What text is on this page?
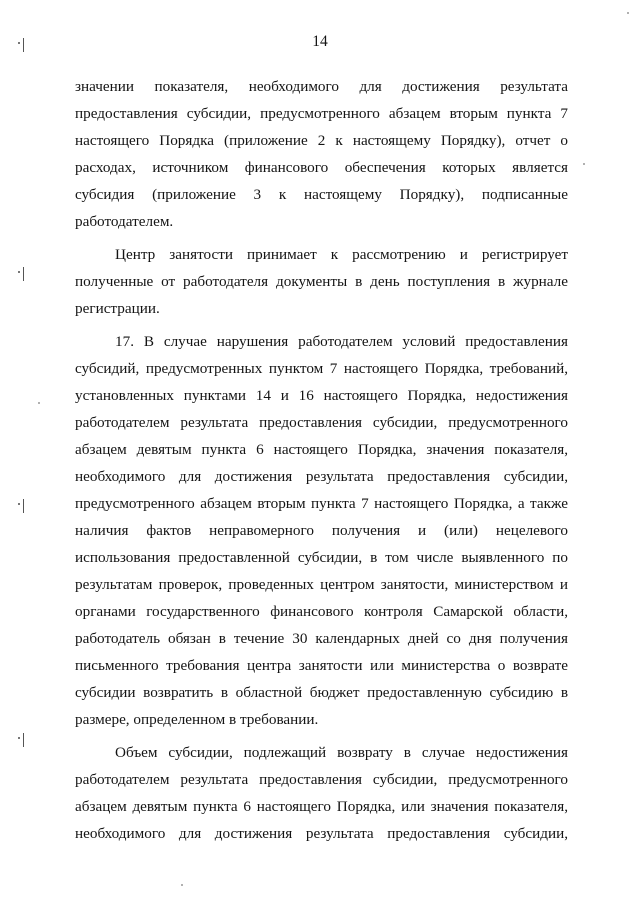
14

значении показателя, необходимого для достижения результата
предоставления субсидии, предусмотренного абзацем вторым пункта 7
настоящего Порядка (приложение 2 к настоящему Порядку), отчет о
расходах, источником финансового обеспечения которых является
субсидия (приложение 3 к настоящему Порядку), подписанные
работодателем.

Центр занятости принимает к рассмотрению и регистрирует
полученные от работодателя документы в день поступления в журнале
регистрации.

17. В случае нарушения работодателем условий предоставления
субсидий, предусмотренных пунктом 7 настоящего Порядка, требований,
установленных пунктами 14 и 16 настоящего Порядка, недостижения
работодателем результата предоставления субсидии, предусмотренного
абзацем девятым пункта 6 настоящего Порядка, значения показателя,
необходимого для достижения результата предоставления субсидии,
предусмотренного абзацем вторым пункта 7 настоящего Порядка, а также
наличия фактов неправомерного получения и (или) нецелевого
использования предоставленной субсидии, в том числе выявленного по
результатам проверок, проведенных центром занятости, министерством и
органами государственного финансового контроля Самарской области,
работодатель обязан в течение 30 календарных дней со дня получения
письменного требования центра занятости или министерства о возврате
субсидии возвратить в областной бюджет предоставленную субсидию в
размере, определенном в требовании.

Объем субсидии, подлежащий возврату в случае недостижения
работодателем результата предоставления субсидии, предусмотренного
абзацем девятым пункта 6 настоящего Порядка, или значения показателя,
необходимого для достижения результата предоставления субсидии,
